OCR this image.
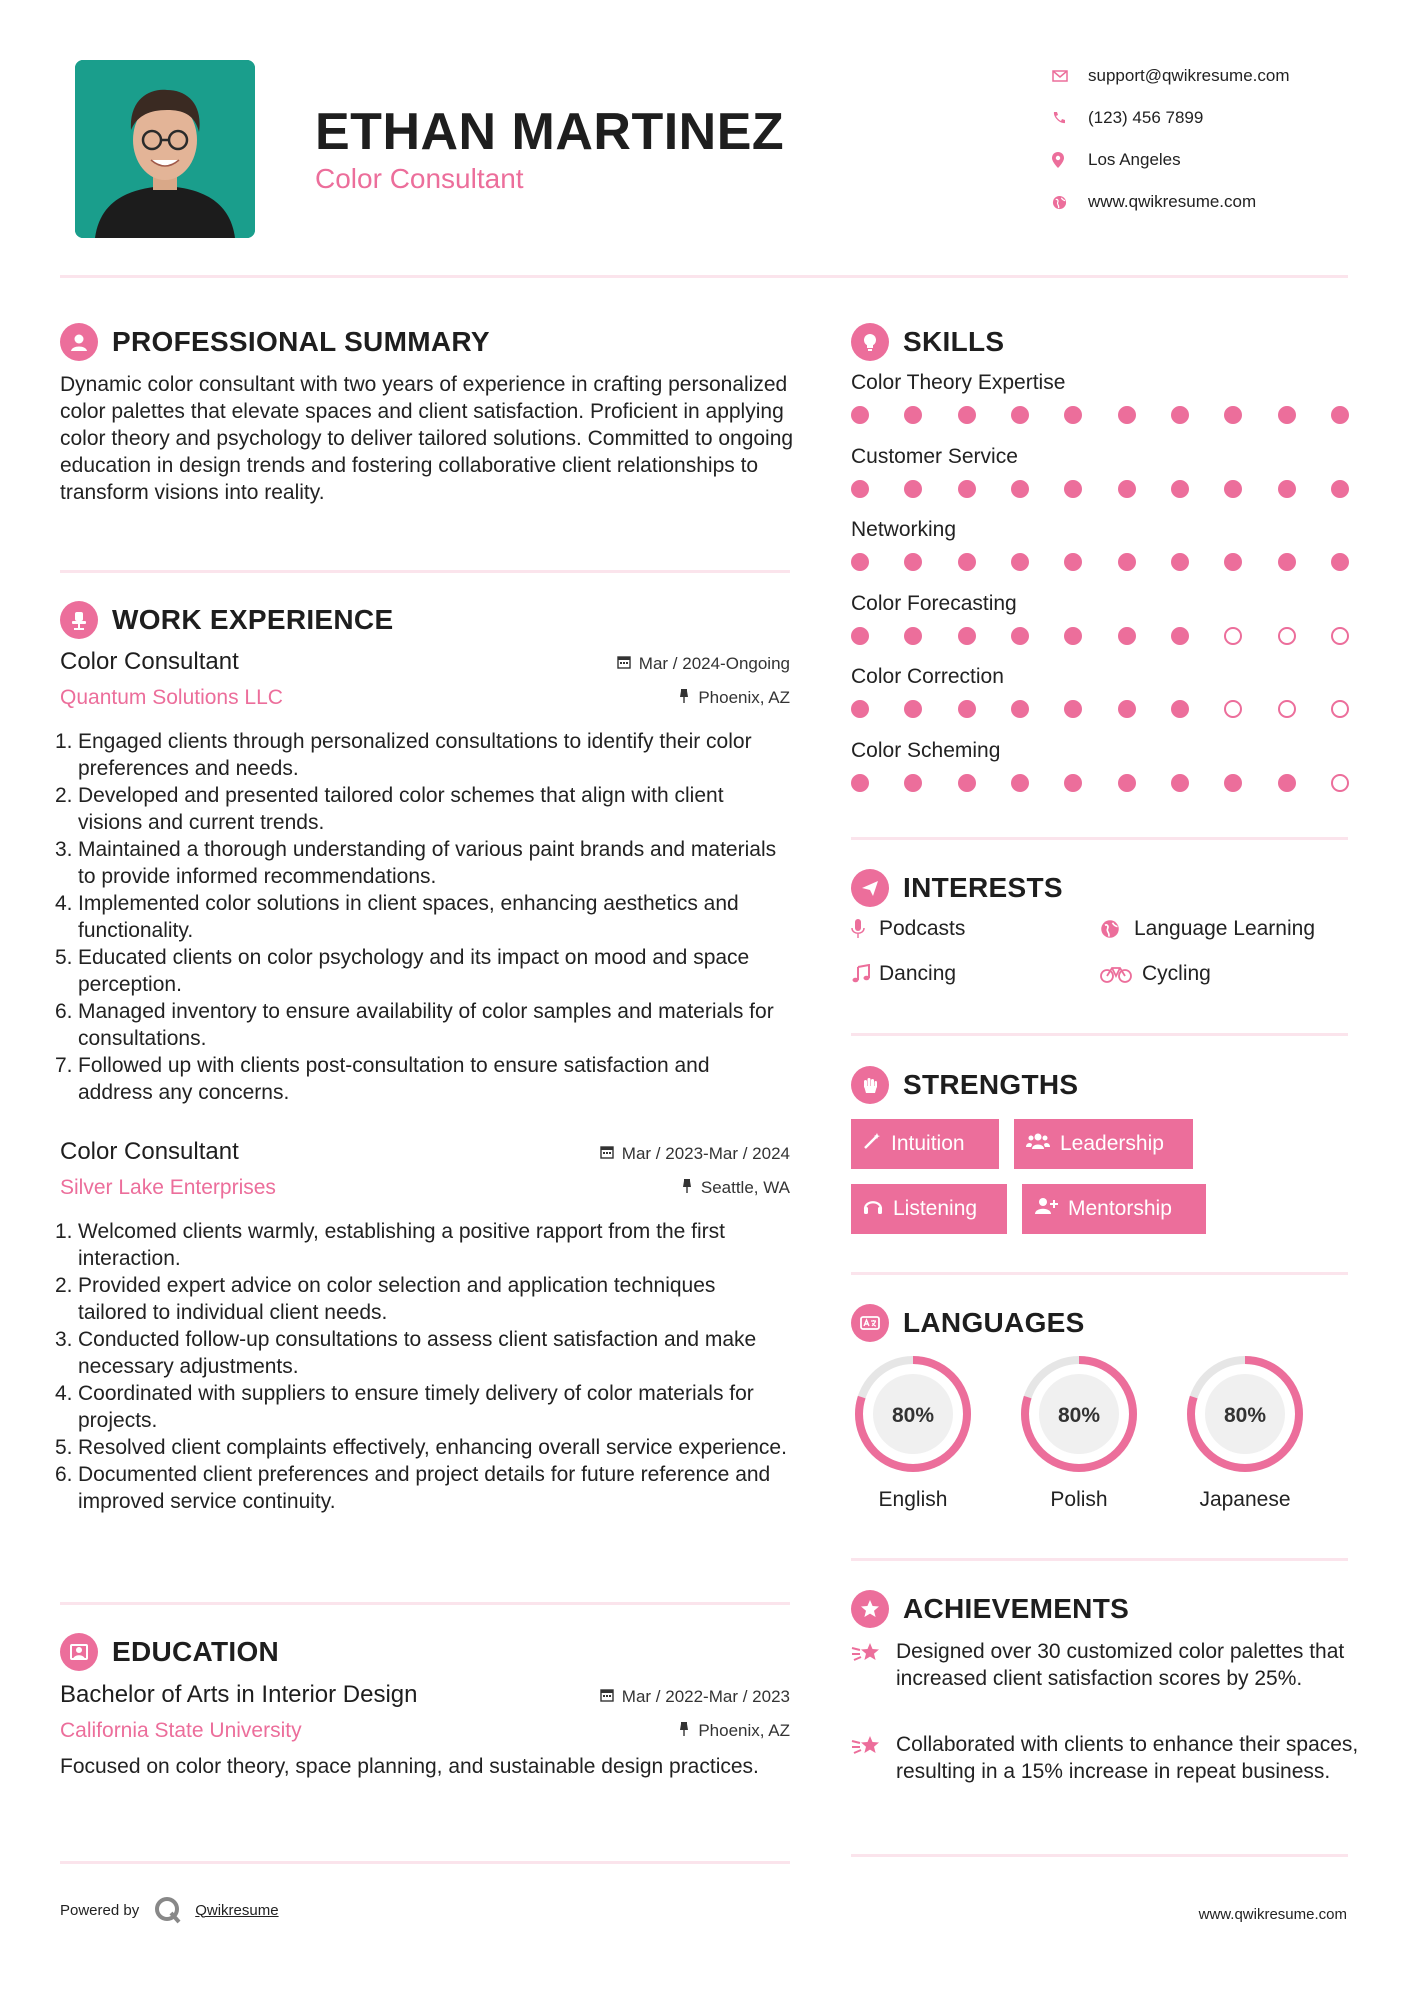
ETHAN MARTINEZ
Color Consultant
support@qwikresume.com
(123) 456 7899
Los Angeles
www.qwikresume.com
PROFESSIONAL SUMMARY
Dynamic color consultant with two years of experience in crafting personalized color palettes that elevate spaces and client satisfaction. Proficient in applying color theory and psychology to deliver tailored solutions. Committed to ongoing education in design trends and fostering collaborative client relationships to transform visions into reality.
WORK EXPERIENCE
Color Consultant
Quantum Solutions LLC
Mar / 2024-Ongoing
Phoenix, AZ
1. Engaged clients through personalized consultations to identify their color preferences and needs.
2. Developed and presented tailored color schemes that align with client visions and current trends.
3. Maintained a thorough understanding of various paint brands and materials to provide informed recommendations.
4. Implemented color solutions in client spaces, enhancing aesthetics and functionality.
5. Educated clients on color psychology and its impact on mood and space perception.
6. Managed inventory to ensure availability of color samples and materials for consultations.
7. Followed up with clients post-consultation to ensure satisfaction and address any concerns.
Color Consultant
Silver Lake Enterprises
Mar / 2023-Mar / 2024
Seattle, WA
1. Welcomed clients warmly, establishing a positive rapport from the first interaction.
2. Provided expert advice on color selection and application techniques tailored to individual client needs.
3. Conducted follow-up consultations to assess client satisfaction and make necessary adjustments.
4. Coordinated with suppliers to ensure timely delivery of color materials for projects.
5. Resolved client complaints effectively, enhancing overall service experience.
6. Documented client preferences and project details for future reference and improved service continuity.
EDUCATION
Bachelor of Arts in Interior Design
California State University
Mar / 2022-Mar / 2023
Phoenix, AZ
Focused on color theory, space planning, and sustainable design practices.
SKILLS
Color Theory Expertise
Customer Service
Networking
Color Forecasting
Color Correction
Color Scheming
INTERESTS
Podcasts	Language Learning
Dancing	Cycling
STRENGTHS
Intuition	Leadership
Listening	Mentorship
LANGUAGES
80%
English
80%
Polish
80%
Japanese
ACHIEVEMENTS
Designed over 30 customized color palettes that increased client satisfaction scores by 25%.
Collaborated with clients to enhance their spaces, resulting in a 15% increase in repeat business.
Powered by	Qwikresume	www.qwikresume.com
